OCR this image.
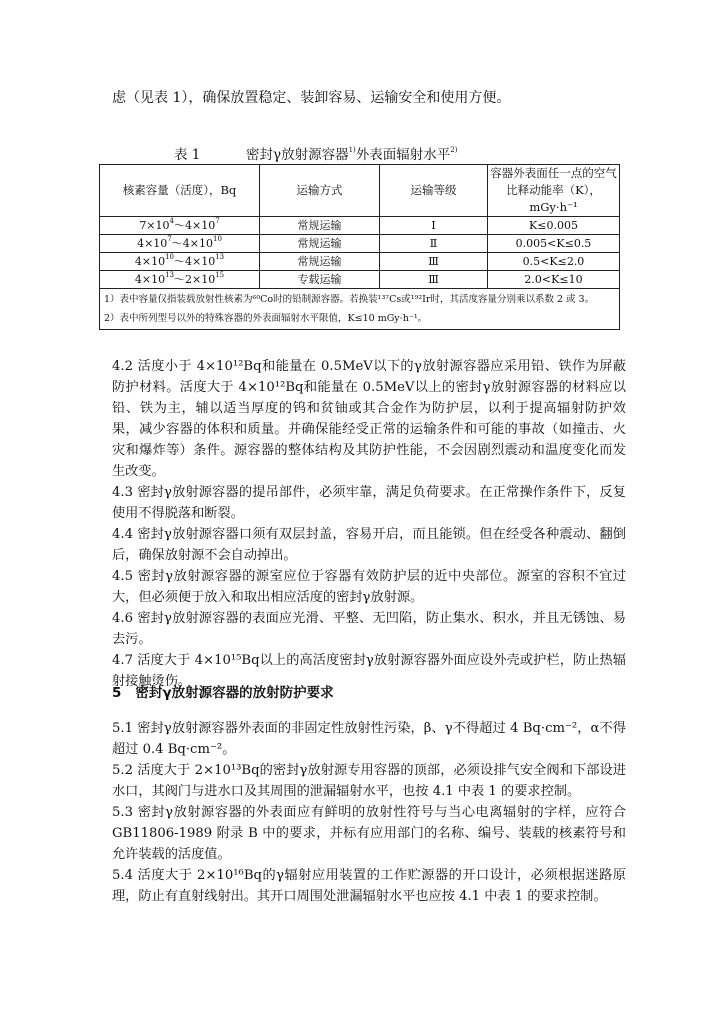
虑（见表 1），确保放置稳定、装卸容易、运输安全和使用方便。
表 1	密封γ放射源容器$^{1)}$外表面辐射水平$^{2)}$
核素容量（活度），Bq	运输方式	运输等级	容器外表面任一点的空气比释动能率（K），mGy·h⁻¹
$7\times 10^4\sim 4\times 10^7$	常规运输	Ⅰ	K≤0.005
$4\times 10^7\sim 4\times 10^{10}$	常规运输	Ⅱ	0.005<K≤0.5
$4\times 10^{10}\sim 4\times 10^{13}$	常规运输	Ⅲ	0.5<K≤2.0
$4\times 10^{13}\sim 2\times 10^{15}$	专载运输	Ⅲ	2.0<K≤10

1）表中容量仅指装载放射性核素为⁶⁰Co时的铅制源容器。若换装¹³⁷Cs或¹⁹²Ir时，其活度容量分别乘以系数 2 或 3。
2）表中所列型号以外的特殊容器的外表面辐射水平限值，K≤10 mGy·h⁻¹。			

4.2 活度小于 4×10¹²Bq和能量在 0.5MeV以下的γ放射源容器应采用铅、铁作为屏蔽防护材料。活度大于 4×10¹²Bq和能量在 0.5MeV以上的密封γ放射源容器的材料应以铅、铁为主，辅以适当厚度的钨和贫铀或其合金作为防护层，以利于提高辐射防护效果，减少容器的体积和质量。并确保能经受正常的运输条件和可能的事故（如撞击、火灾和爆炸等）条件。源容器的整体结构及其防护性能，不会因剧烈震动和温度变化而发生改变。

4.3 密封γ放射源容器的提吊部件，必须牢靠，满足负荷要求。在正常操作条件下，反复使用不得脱落和断裂。

4.4 密封γ放射源容器口须有双层封盖，容易开启，而且能锁。但在经受各种震动、翻倒后，确保放射源不会自动掉出。

4.5 密封γ放射源容器的源室应位于容器有效防护层的近中央部位。源室的容积不宜过大，但必须便于放入和取出相应活度的密封γ放射源。

4.6 密封γ放射源容器的表面应光滑、平整、无凹陷，防止集水、积水，并且无锈蚀、易去污。

4.7 活度大于 4×10¹⁵Bq以上的高活度密封γ放射源容器外面应设外壳或护栏，防止热辐射接触烫伤。

5 密封γ放射源容器的放射防护要求

5.1 密封γ放射源容器外表面的非固定性放射性污染，β、γ不得超过 4 Bq·cm⁻²，α不得超过 0.4 Bq·cm⁻²。

5.2 活度大于 2×10¹³Bq的密封γ放射源专用容器的顶部，必须设排气安全阀和下部设进水口，其阀门与进水口及其周围的泄漏辐射水平，也按 4.1 中表 1 的要求控制。

5.3 密封γ放射源容器的外表面应有鲜明的放射性符号与当心电离辐射的字样，应符合 GB11806-1989 附录 B 中的要求，并标有应用部门的名称、编号、装载的核素符号和允许装载的活度值。

5.4 活度大于 2×10¹⁶Bq的γ辐射应用装置的工作贮源器的开口设计，必须根据迷路原理，防止有直射线射出。其开口周围处泄漏辐射水平也应按 4.1 中表 1 的要求控制。
